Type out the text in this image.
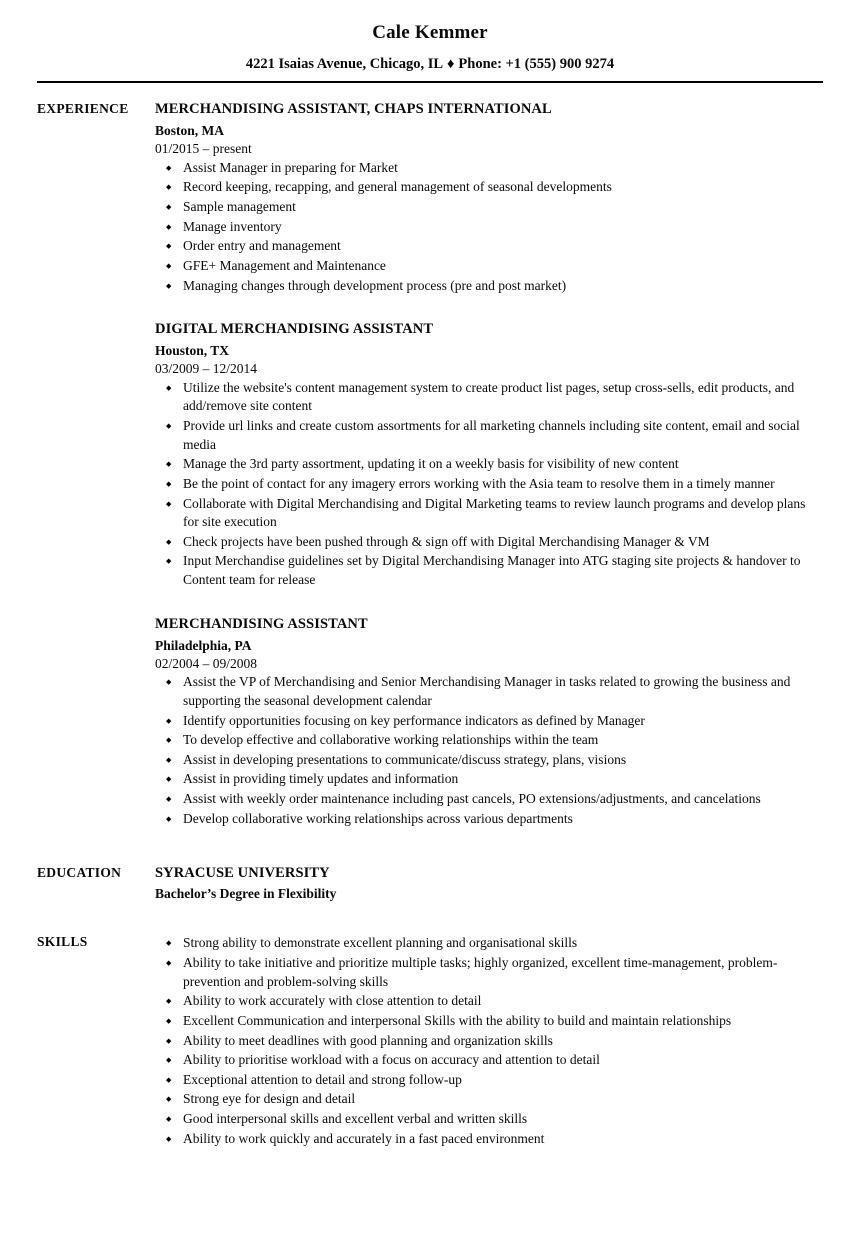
Cale Kemmer
4221 Isaias Avenue, Chicago, IL ♦ Phone: +1 (555) 900 9274
EXPERIENCE	MERCHANDISING ASSISTANT, CHAPS INTERNATIONAL
Boston, MA
01/2015 – present
◆ Assist Manager in preparing for Market
◆ Record keeping, recapping, and general management of seasonal developments
◆ Sample management
◆ Manage inventory
◆ Order entry and management
◆ GFE+ Management and Maintenance
◆ Managing changes through development process (pre and post market)
DIGITAL MERCHANDISING ASSISTANT
Houston, TX
03/2009 – 12/2014
◆ Utilize the website's content management system to create product list pages, setup cross-sells, edit products, and add/remove site content
◆ Provide url links and create custom assortments for all marketing channels including site content, email and social media
◆ Manage the 3rd party assortment, updating it on a weekly basis for visibility of new content
◆ Be the point of contact for any imagery errors working with the Asia team to resolve them in a timely manner
◆ Collaborate with Digital Merchandising and Digital Marketing teams to review launch programs and develop plans for site execution
◆ Check projects have been pushed through & sign off with Digital Merchandising Manager & VM
◆ Input Merchandise guidelines set by Digital Merchandising Manager into ATG staging site projects & handover to Content team for release
MERCHANDISING ASSISTANT
Philadelphia, PA
02/2004 – 09/2008
◆ Assist the VP of Merchandising and Senior Merchandising Manager in tasks related to growing the business and supporting the seasonal development calendar
◆ Identify opportunities focusing on key performance indicators as defined by Manager
◆ To develop effective and collaborative working relationships within the team
◆ Assist in developing presentations to communicate/discuss strategy, plans, visions
◆ Assist in providing timely updates and information
◆ Assist with weekly order maintenance including past cancels, PO extensions/adjustments, and cancelations
◆ Develop collaborative working relationships across various departments
EDUCATION	SYRACUSE UNIVERSITY
Bachelor’s Degree in Flexibility
SKILLS	◆ Strong ability to demonstrate excellent planning and organisational skills
◆ Ability to take initiative and prioritize multiple tasks; highly organized, excellent time-management, problem-prevention and problem-solving skills
◆ Ability to work accurately with close attention to detail
◆ Excellent Communication and interpersonal Skills with the ability to build and maintain relationships
◆ Ability to meet deadlines with good planning and organization skills
◆ Ability to prioritise workload with a focus on accuracy and attention to detail
◆ Exceptional attention to detail and strong follow-up
◆ Strong eye for design and detail
◆ Good interpersonal skills and excellent verbal and written skills
◆ Ability to work quickly and accurately in a fast paced environment
